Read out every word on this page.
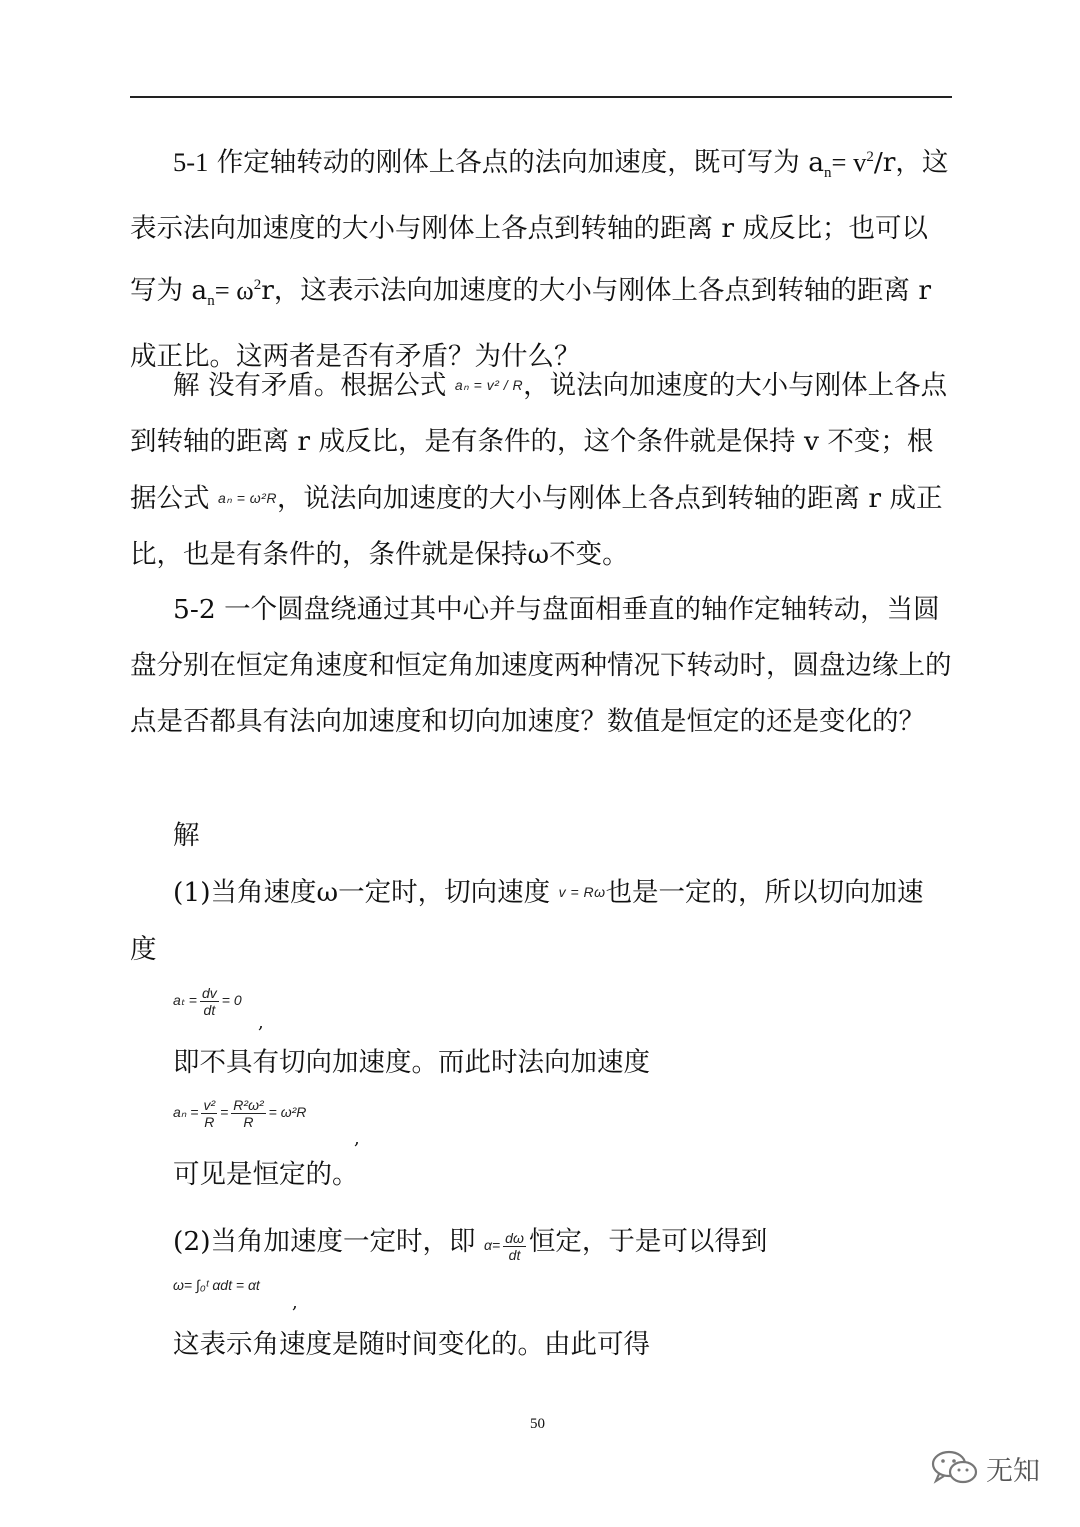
5-1 作定轴转动的刚体上各点的法向加速度，既可写为 $a_n= v^2/r$，这表示法向加速度的大小与刚体上各点到转轴的距离 r 成反比；也可以写为 $a_n= \omega^2r$，这表示法向加速度的大小与刚体上各点到转轴的距离 r 成正比。这两者是否有矛盾？为什么？

解 没有矛盾。根据公式 aₙ = v² / R，说法向加速度的大小与刚体上各点到转轴的距离 r 成反比，是有条件的，这个条件就是保持 v 不变；根据公式 aₙ = ω²R，说法向加速度的大小与刚体上各点到转轴的距离 r 成正比，也是有条件的，条件就是保持ω不变。

5-2 一个圆盘绕通过其中心并与盘面相垂直的轴作定轴转动，当圆盘分别在恒定角速度和恒定角加速度两种情况下转动时，圆盘边缘上的点是否都具有法向加速度和切向加速度？数值是恒定的还是变化的？

解

(1)当角速度ω一定时，切向速度 v = Rω也是一定的，所以切向加速

度

$a_t = \frac{dv}{dt} = 0$
,

即不具有切向加速度。而此时法向加速度

$a_n = \frac{\text{v²}}{R} = \frac{\text{R²ω²}}{R} = \omega^2R$
,

可见是恒定的。

(2)当角加速度一定时，即 $\alpha= \frac{d\omega}{dt}$ 恒定，于是可以得到

ω= ∫₀ᵗ αdt = αt
,

这表示角速度是随时间变化的。由此可得

50
无知
